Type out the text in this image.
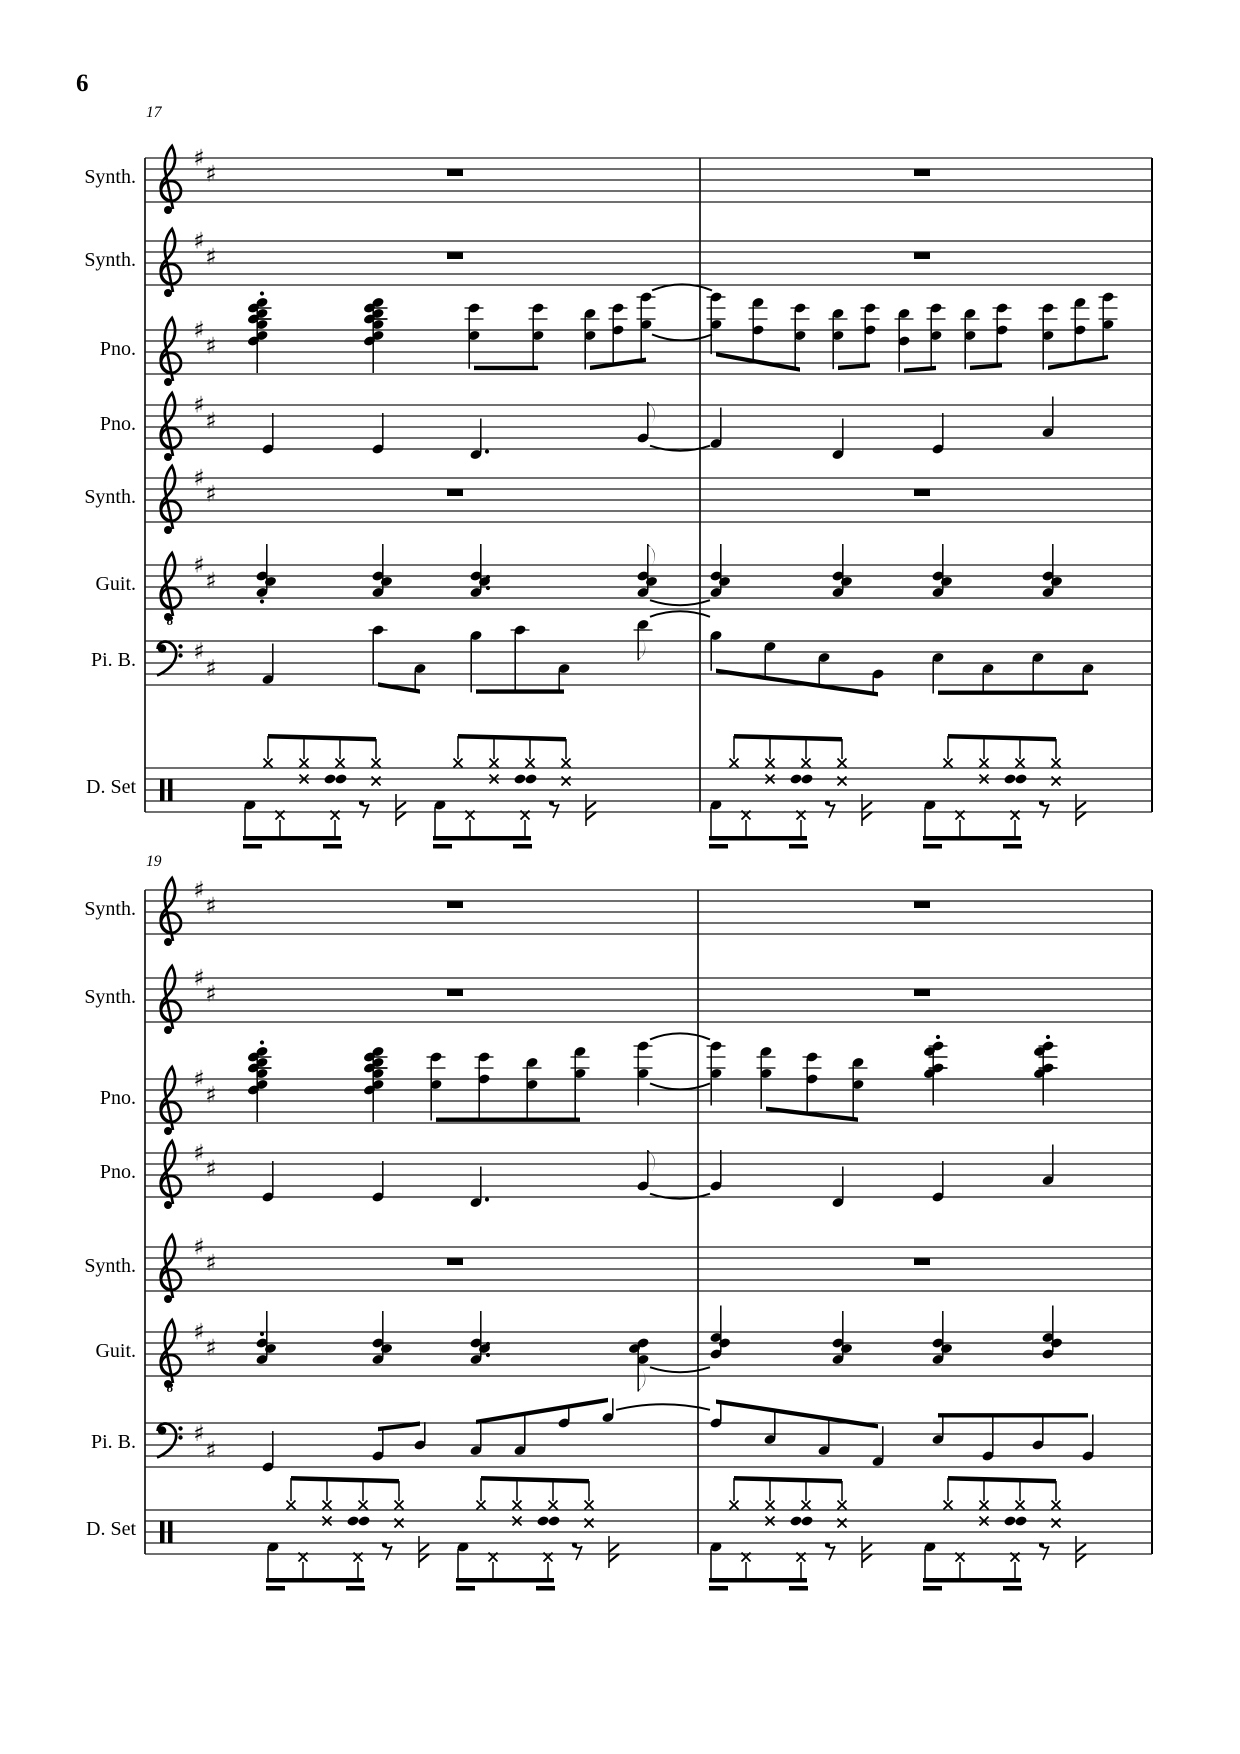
6
17
19
♯
♯
♯
♯
♯
♯
♯
♯
♯
♯
♯
♯
8
♯
♯
♯
♯
♯
♯
♯
♯
♯
♯
♯
♯
♯
♯
8
♯
♯
Synth.
Synth.
Pno.
Pno.
Synth.
Guit.
Pi. B.
D. Set
Synth.
Synth.
Pno.
Pno.
Synth.
Guit.
Pi. B.
D. Set
